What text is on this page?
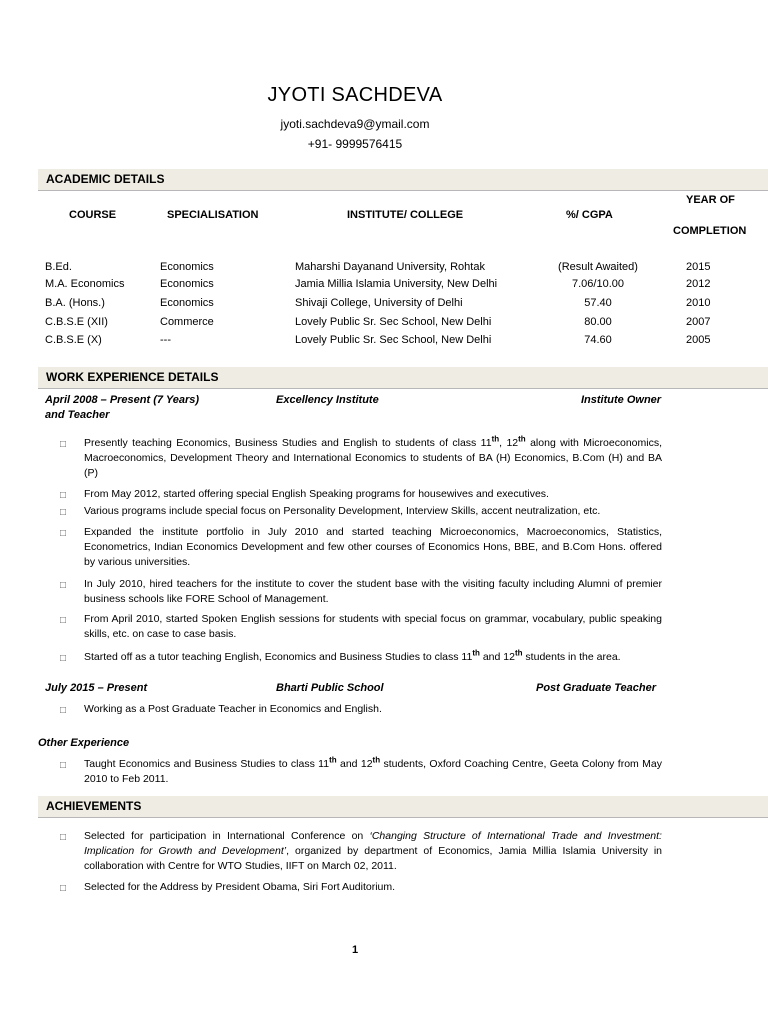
JYOTI SACHDEVA
jyoti.sachdeva9@ymail.com
+91- 9999576415
ACADEMIC DETAILS
COURSE	SPECIALISATION	INSTITUTE/ COLLEGE	%/ CGPA
YEAR OF
COMPLETION
B.Ed.	Economics	Maharshi Dayanand University, Rohtak	(Result Awaited)	2015
M.A. Economics	Economics	Jamia Millia Islamia University, New Delhi	7.06/10.00	2012
B.A. (Hons.)	Economics	Shivaji College, University of Delhi	57.40	2010
C.B.S.E (XII)	Commerce	Lovely Public Sr. Sec School, New Delhi	80.00	2007
C.B.S.E (X)	---	Lovely Public Sr. Sec School, New Delhi	74.60	2005
WORK EXPERIENCE DETAILS
April 2008 – Present (7 Years)	Excellency Institute	Institute Owner
and Teacher
□	Presently teaching Economics, Business Studies and English to students of class 11th, 12th along with Microeconomics, Macroeconomics, Development Theory and International Economics to students of BA (H) Economics, B.Com (H) and BA (P)
□	From May 2012, started offering special English Speaking programs for housewives and executives.
□	Various programs include special focus on Personality Development, Interview Skills, accent neutralization, etc.
□	Expanded the institute portfolio in July 2010 and started teaching Microeconomics, Macroeconomics, Statistics, Econometrics, Indian Economics Development and few other courses of Economics Hons, BBE, and B.Com Hons. offered by various universities.
□	In July 2010, hired teachers for the institute to cover the student base with the visiting faculty including Alumni of premier business schools like FORE School of Management.
□	From April 2010, started Spoken English sessions for students with special focus on grammar, vocabulary, public speaking skills, etc. on case to case basis.
□	Started off as a tutor teaching English, Economics and Business Studies to class 11th and 12th students in the area.
July 2015 – Present	Bharti Public School	Post Graduate Teacher
□	Working as a Post Graduate Teacher in Economics and English.
Other Experience
□	Taught Economics and Business Studies to class 11th and 12th students, Oxford Coaching Centre, Geeta Colony from May 2010 to Feb 2011.
ACHIEVEMENTS
□	Selected for participation in International Conference on ‘Changing Structure of International Trade and Investment: Implication for Growth and Development’, organized by department of Economics, Jamia Millia Islamia University in collaboration with Centre for WTO Studies, IIFT on March 02, 2011.
□	Selected for the Address by President Obama, Siri Fort Auditorium.
1
